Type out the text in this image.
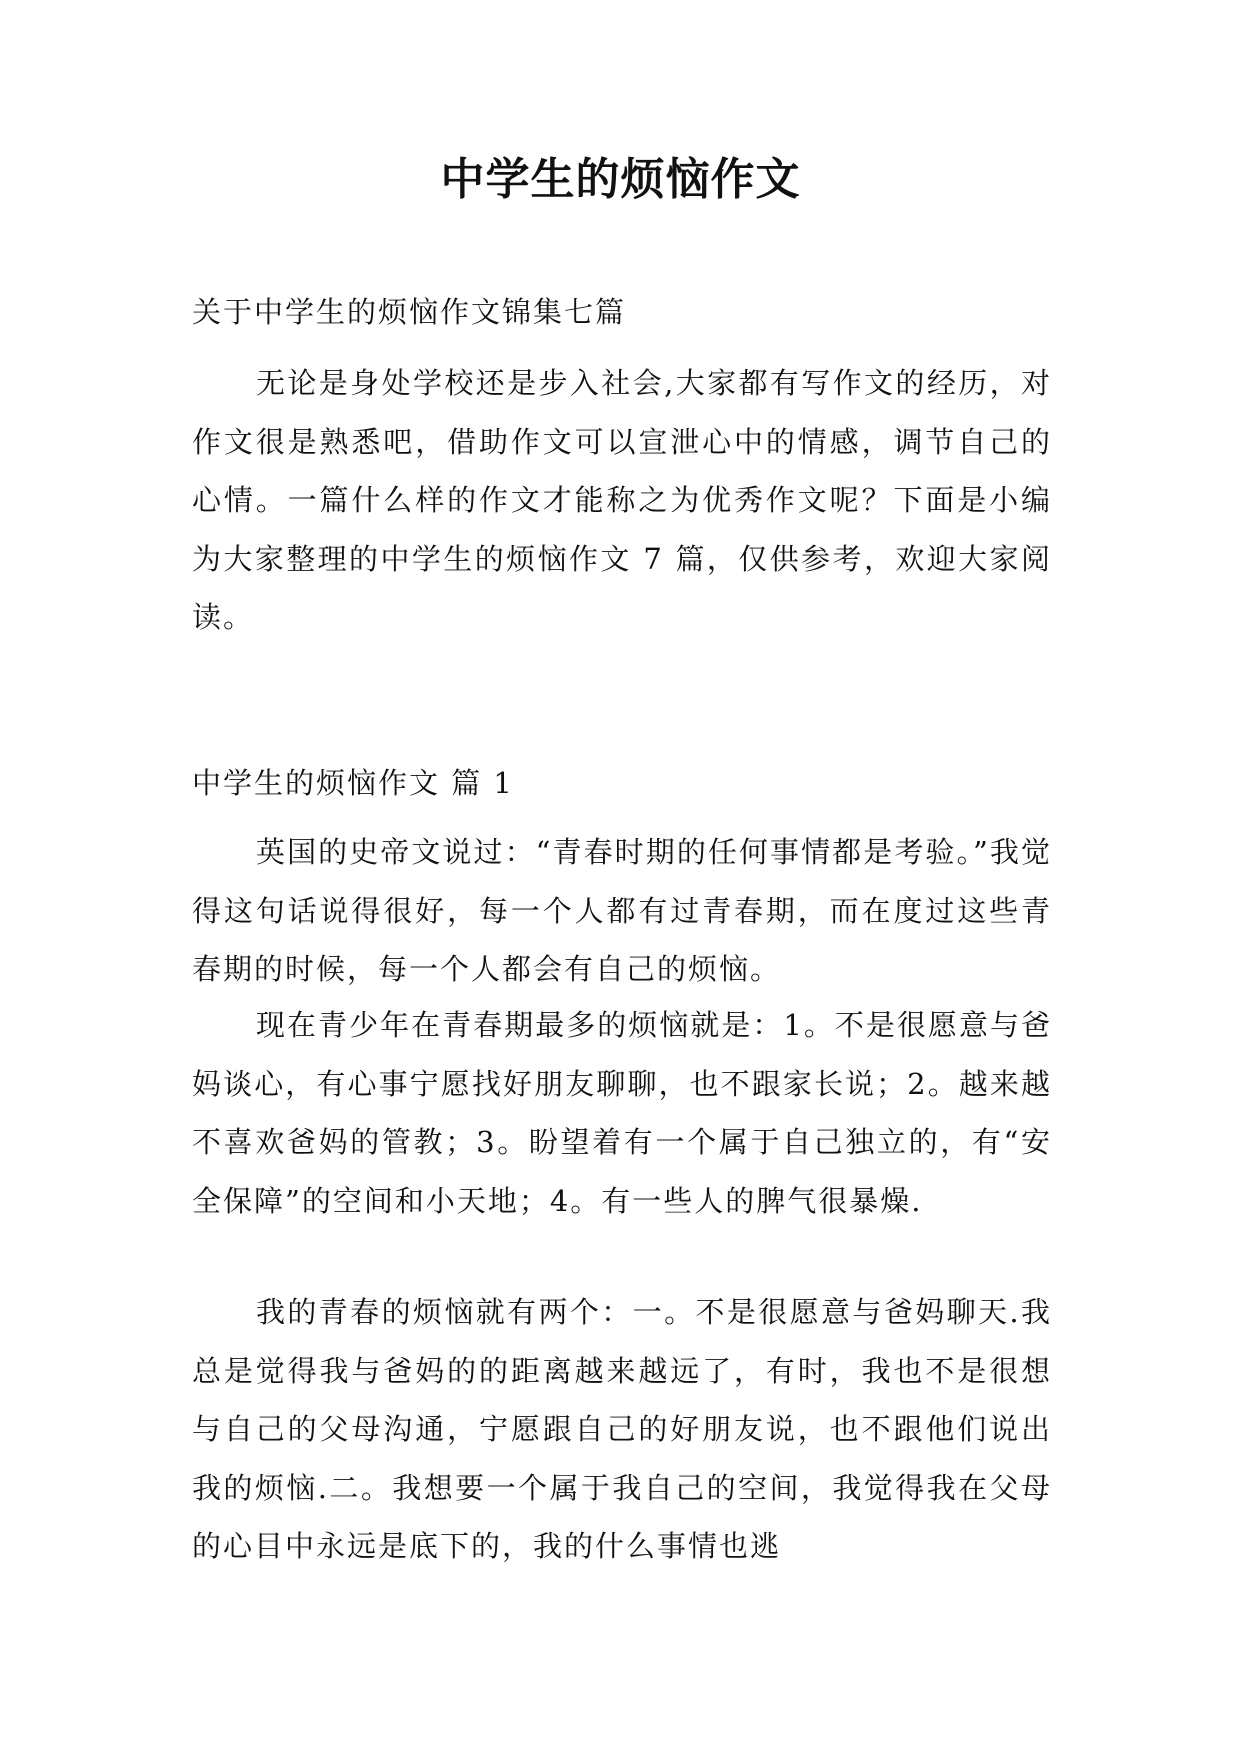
中学生的烦恼作文

关于中学生的烦恼作文锦集七篇

无论是身处学校还是步入社会,大家都有写作文的经历，对作文很是熟悉吧，借助作文可以宣泄心中的情感，调节自己的心情。一篇什么样的作文才能称之为优秀作文呢？下面是小编为大家整理的中学生的烦恼作文 7 篇，仅供参考，欢迎大家阅读。

中学生的烦恼作文 篇 1

英国的史帝文说过：“青春时期的任何事情都是考验。”我觉得这句话说得很好，每一个人都有过青春期，而在度过这些青春期的时候，每一个人都会有自己的烦恼。

现在青少年在青春期最多的烦恼就是：1。不是很愿意与爸妈谈心，有心事宁愿找好朋友聊聊，也不跟家长说；2。越来越不喜欢爸妈的管教；3。盼望着有一个属于自己独立的，有“安全保障”的空间和小天地；4。有一些人的脾气很暴燥.

我的青春的烦恼就有两个：一。不是很愿意与爸妈聊天.我总是觉得我与爸妈的的距离越来越远了，有时，我也不是很想与自己的父母沟通，宁愿跟自己的好朋友说，也不跟他们说出我的烦恼.二。我想要一个属于我自己的空间，我觉得我在父母的心目中永远是底下的，我的什么事情也逃
